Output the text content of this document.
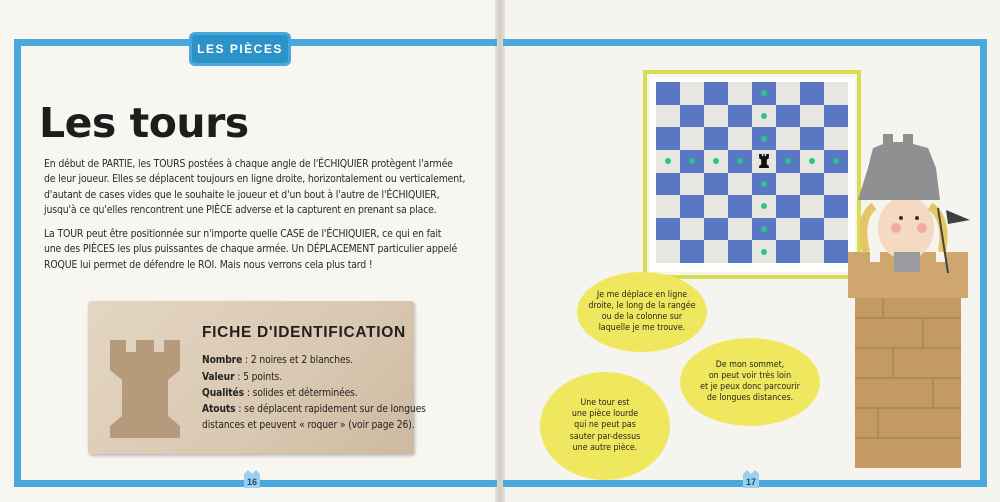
LES PIÈCES
Les tours
En début de PARTIE, les TOURS postées à chaque angle de l'ÉCHIQUIER protègent l'armée
de leur joueur. Elles se déplacent toujours en ligne droite, horizontalement ou verticalement,
d'autant de cases vides que le souhaite le joueur et d'un bout à l'autre de l'ÉCHIQUIER,
jusqu'à ce qu'elles rencontrent une PIÈCE adverse et la capturent en prenant sa place.
La TOUR peut être positionnée sur n'importe quelle CASE de l'ÉCHIQUIER, ce qui en fait
une des PIÈCES les plus puissantes de chaque armée. Un DÉPLACEMENT particulier appelé
ROQUE lui permet de défendre le ROI. Mais nous verrons cela plus tard !
FICHE D'IDENTIFICATION
Nombre : 2 noires et 2 blanches.
Valeur : 5 points.
Qualités : solides et déterminées.
Atouts : se déplacent rapidement sur de longues
distances et peuvent « roquer » (voir page 26).
16	17
Je me déplace en ligne
droite, le long de la rangée
ou de la colonne sur
laquelle je me trouve.
De mon sommet,
on peut voir très loin
et je peux donc parcourir
de longues distances.
Une tour est
une pièce lourde
qui ne peut pas
sauter par-dessus
une autre pièce.
